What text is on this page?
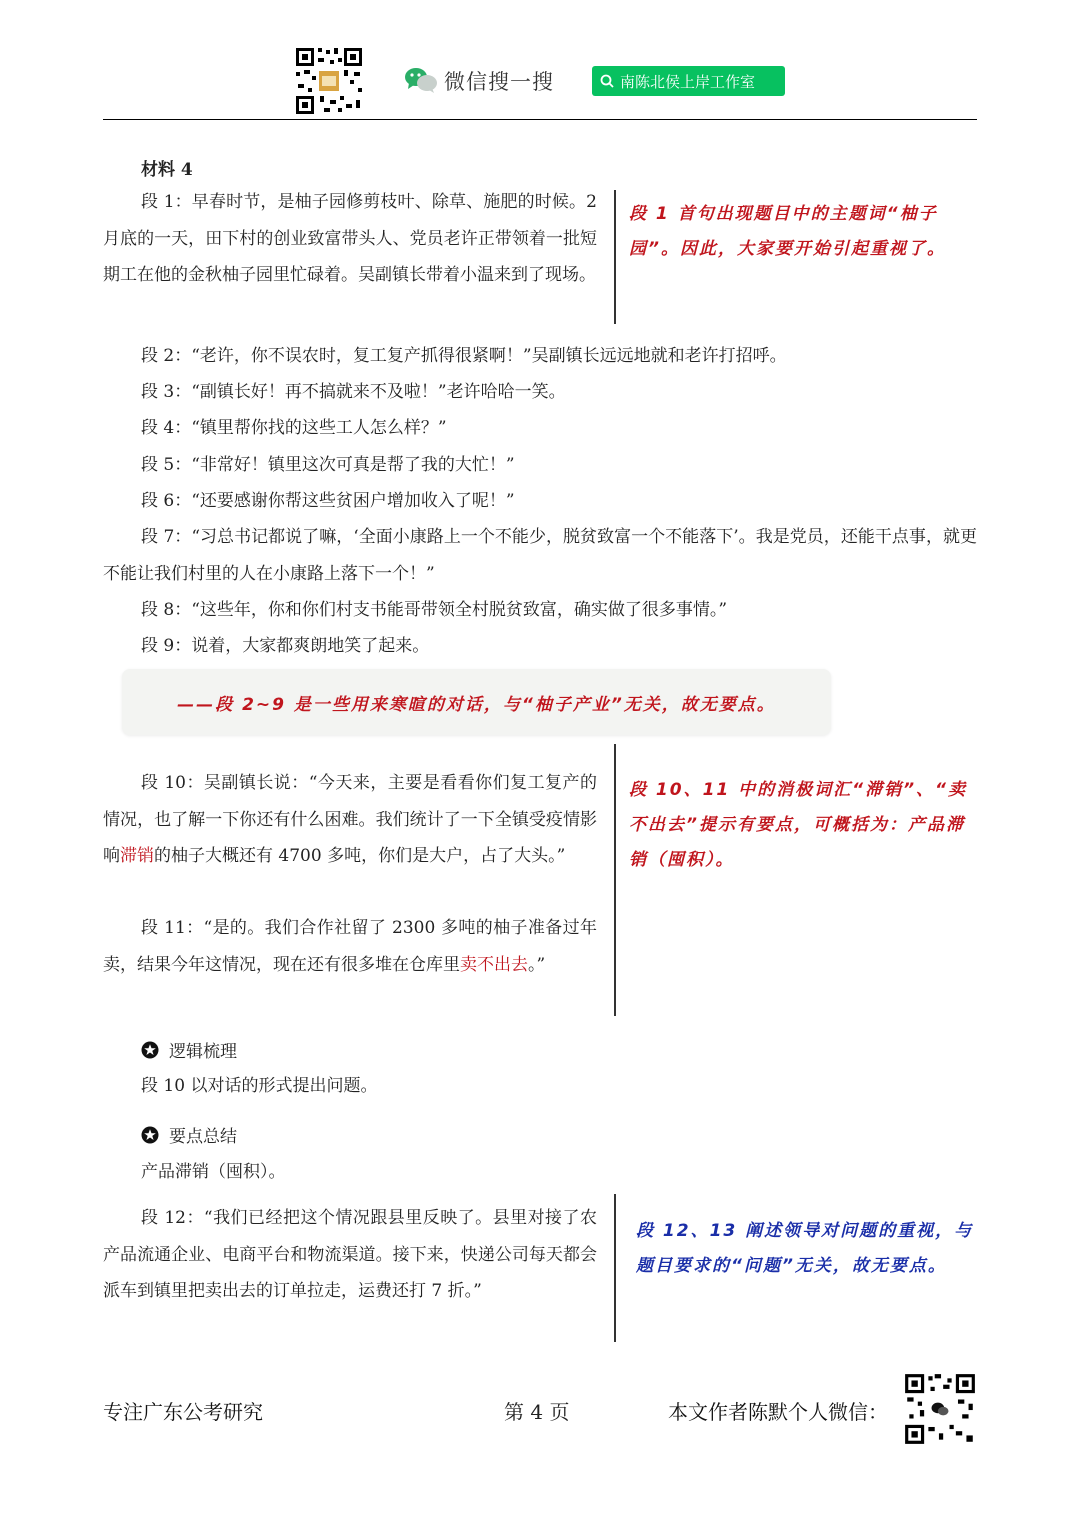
微信搜一搜	南陈北侯上岸工作室
材料 4
段 1：早春时节，是柚子园修剪枝叶、除草、施肥的时候。2 月底的一天，田下村的创业致富带头人、党员老许正带领着一批短期工在他的金秋柚子园里忙碌着。吴副镇长带着小温来到了现场。
段 1 首句出现题目中的主题词“柚子园”。因此，大家要开始引起重视了。
段 2：“老许，你不误农时，复工复产抓得很紧啊！”吴副镇长远远地就和老许打招呼。
段 3：“副镇长好！再不搞就来不及啦！”老许哈哈一笑。
段 4：“镇里帮你找的这些工人怎么样？”
段 5：“非常好！镇里这次可真是帮了我的大忙！”
段 6：“还要感谢你帮这些贫困户增加收入了呢！”
段 7：“习总书记都说了嘛，‘全面小康路上一个不能少，脱贫致富一个不能落下’。我是党员，还能干点事，就更不能让我们村里的人在小康路上落下一个！”
段 8：“这些年，你和你们村支书能哥带领全村脱贫致富，确实做了很多事情。”
段 9：说着，大家都爽朗地笑了起来。
——段 2~9 是一些用来寒暄的对话，与“柚子产业”无关，故无要点。
段 10：吴副镇长说：“今天来，主要是看看你们复工复产的情况，也了解一下你还有什么困难。我们统计了一下全镇受疫情影响滞销的柚子大概还有 4700 多吨，你们是大户，占了大头。”
段 11：“是的。我们合作社留了 2300 多吨的柚子准备过年卖，结果今年这情况，现在还有很多堆在仓库里卖不出去。”
段 10、11 中的消极词汇“滞销”、“卖不出去”提示有要点，可概括为：产品滞销（囤积）。
逻辑梳理
段 10 以对话的形式提出问题。
要点总结
产品滞销（囤积）。
段 12：“我们已经把这个情况跟县里反映了。县里对接了农产品流通企业、电商平台和物流渠道。接下来，快递公司每天都会派车到镇里把卖出去的订单拉走，运费还打 7 折。”
段 12、13 阐述领导对问题的重视，与题目要求的“问题”无关，故无要点。
专注广东公考研究	第 4 页	本文作者陈默个人微信：
